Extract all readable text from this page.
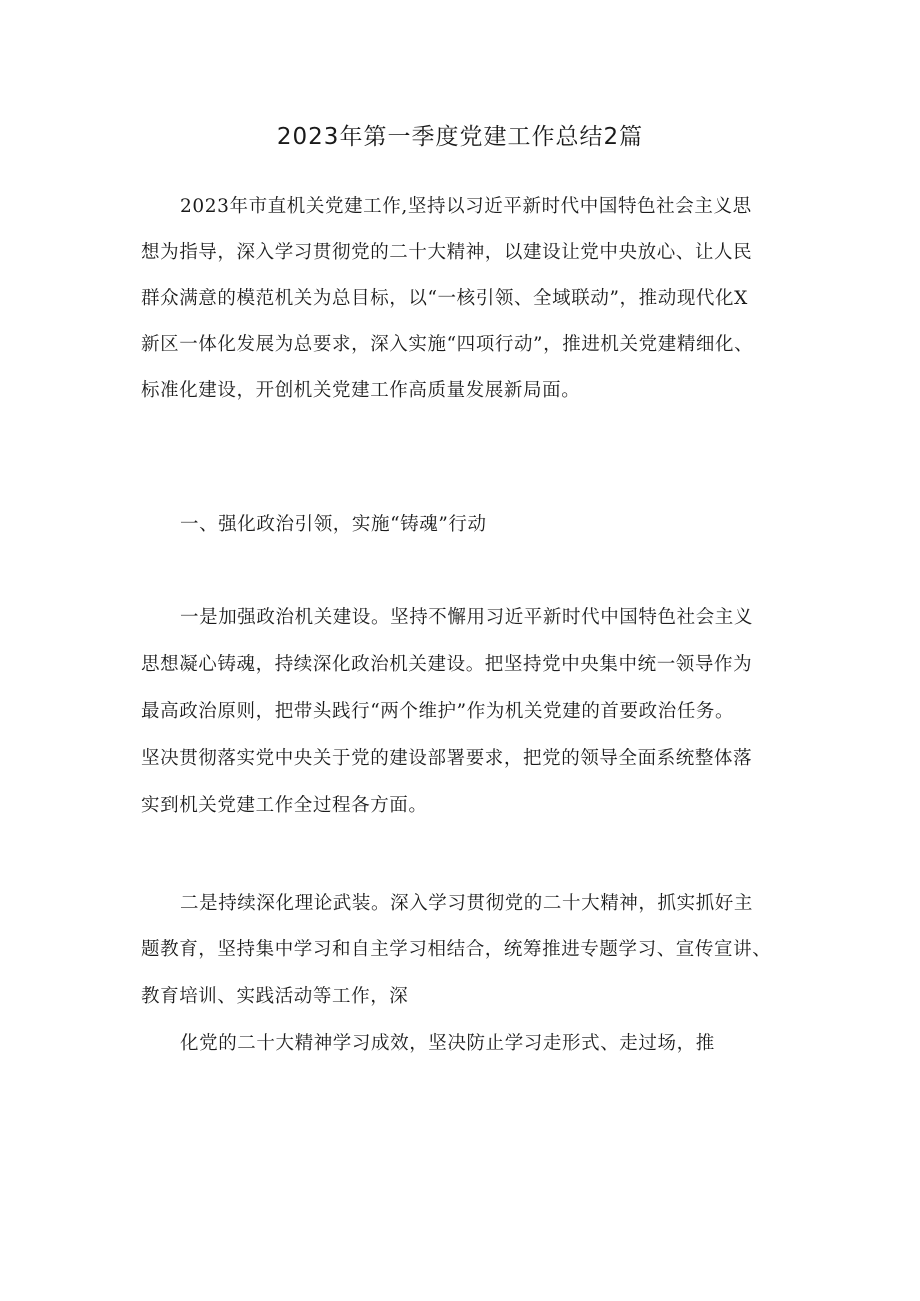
2023年第一季度党建工作总结2篇

2023年市直机关党建工作,坚持以习近平新时代中国特色社会主义思

想为指导，深入学习贯彻党的二十大精神，以建设让党中央放心、让人民

群众满意的模范机关为总目标，以“一核引领、全域联动”，推动现代化X

新区一体化发展为总要求，深入实施“四项行动”，推进机关党建精细化、

标准化建设，开创机关党建工作高质量发展新局面。

一、强化政治引领，实施“铸魂”行动

一是加强政治机关建设。坚持不懈用习近平新时代中国特色社会主义

思想凝心铸魂，持续深化政治机关建设。把坚持党中央集中统一领导作为

最高政治原则，把带头践行“两个维护”作为机关党建的首要政治任务。

坚决贯彻落实党中央关于党的建设部署要求，把党的领导全面系统整体落

实到机关党建工作全过程各方面。

二是持续深化理论武装。深入学习贯彻党的二十大精神，抓实抓好主

题教育，坚持集中学习和自主学习相结合，统筹推进专题学习、宣传宣讲、

教育培训、实践活动等工作，深

化党的二十大精神学习成效，坚决防止学习走形式、走过场，推
